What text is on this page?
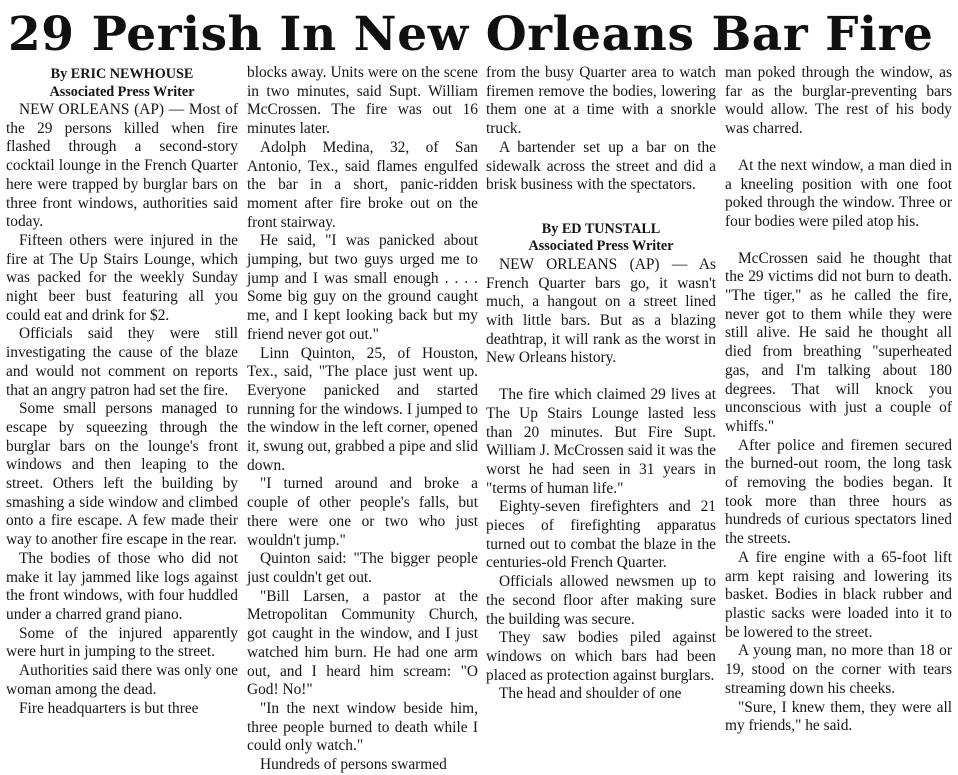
29 Perish In New Orleans Bar Fire
By ERIC NEWHOUSE
Associated Press Writer

NEW ORLEANS (AP) — Most of the 29 persons killed when fire flashed through a second-story cocktail lounge in the French Quarter here were trapped by burglar bars on three front windows, authorities said today.

Fifteen others were injured in the fire at The Up Stairs Lounge, which was packed for the weekly Sunday night beer bust featuring all you could eat and drink for $2.

Officials said they were still investigating the cause of the blaze and would not comment on reports that an angry patron had set the fire.

Some small persons managed to escape by squeezing through the burglar bars on the lounge's front windows and then leaping to the street. Others left the building by smashing a side window and climbed onto a fire escape. A few made their way to another fire escape in the rear.

The bodies of those who did not make it lay jammed like logs against the front windows, with four huddled under a charred grand piano.

Some of the injured apparently were hurt in jumping to the street.

Authorities said there was only one woman among the dead.

Fire headquarters is but three

blocks away. Units were on the scene in two minutes, said Supt. William McCrossen. The fire was out 16 minutes later.

Adolph Medina, 32, of San Antonio, Tex., said flames engulfed the bar in a short, panic-ridden moment after fire broke out on the front stairway.

He said, "I was panicked about jumping, but two guys urged me to jump and I was small enough . . . . Some big guy on the ground caught me, and I kept looking back but my friend never got out."

Linn Quinton, 25, of Houston, Tex., said, "The place just went up. Everyone panicked and started running for the windows. I jumped to the window in the left corner, opened it, swung out, grabbed a pipe and slid down.

"I turned around and broke a couple of other people's falls, but there were one or two who just wouldn't jump."

Quinton said: "The bigger people just couldn't get out.

"Bill Larsen, a pastor at the Metropolitan Community Church, got caught in the window, and I just watched him burn. He had one arm out, and I heard him scream: "O God! No!"

"In the next window beside him, three people burned to death while I could only watch."

Hundreds of persons swarmed

from the busy Quarter area to watch firemen remove the bodies, lowering them one at a time with a snorkle truck.

A bartender set up a bar on the sidewalk across the street and did a brisk business with the spectators.

By ED TUNSTALL
Associated Press Writer

NEW ORLEANS (AP) — As French Quarter bars go, it wasn't much, a hangout on a street lined with little bars. But as a blazing deathtrap, it will rank as the worst in New Orleans history.

The fire which claimed 29 lives at The Up Stairs Lounge lasted less than 20 minutes. But Fire Supt. William J. McCrossen said it was the worst he had seen in 31 years in "terms of human life."

Eighty-seven firefighters and 21 pieces of firefighting apparatus turned out to combat the blaze in the centuries-old French Quarter.

Officials allowed newsmen up to the second floor after making sure the building was secure.

They saw bodies piled against windows on which bars had been placed as protection against burglars.

The head and shoulder of one

man poked through the window, as far as the burglar-preventing bars would allow. The rest of his body was charred.

At the next window, a man died in a kneeling position with one foot poked through the window. Three or four bodies were piled atop his.

McCrossen said he thought that the 29 victims did not burn to death. "The tiger," as he called the fire, never got to them while they were still alive. He said he thought all died from breathing "superheated gas, and I'm talking about 180 degrees. That will knock you unconscious with just a couple of whiffs."

After police and firemen secured the burned-out room, the long task of removing the bodies began. It took more than three hours as hundreds of curious spectators lined the streets.

A fire engine with a 65-foot lift arm kept raising and lowering its basket. Bodies in black rubber and plastic sacks were loaded into it to be lowered to the street.

A young man, no more than 18 or 19, stood on the corner with tears streaming down his cheeks.

"Sure, I knew them, they were all my friends," he said.
